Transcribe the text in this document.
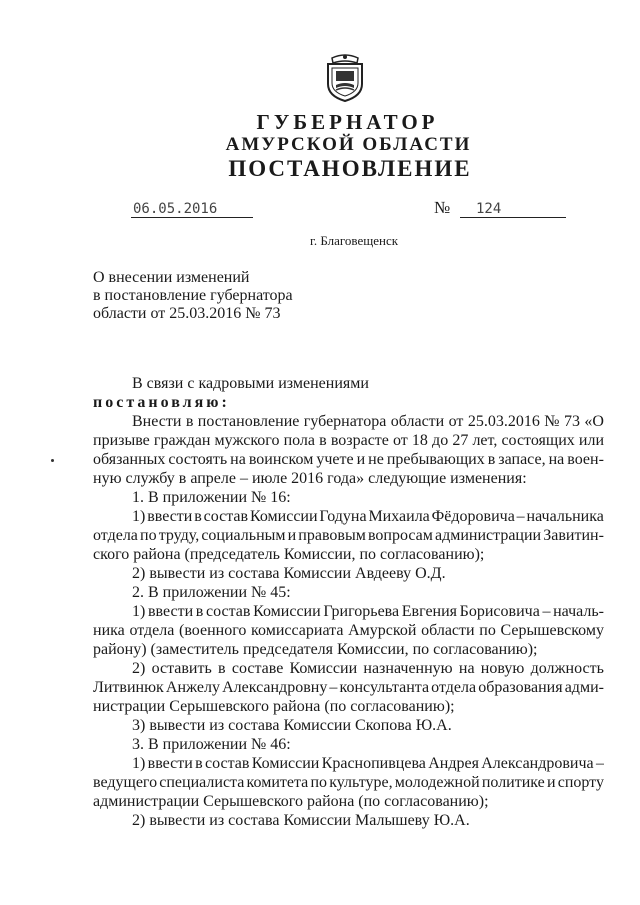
ГУБЕРНАТОР
АМУРСКОЙ ОБЛАСТИ
ПОСТАНОВЛЕНИЕ
06.05.2016	№	124
г. Благовещенск
О внесении изменений
в постановление губернатора
области от 25.03.2016 № 73
В связи с кадровыми изменениями
постановляю:
Внести в постановление губернатора области от 25.03.2016 № 73 «О
призыве граждан мужского пола в возрасте от 18 до 27 лет, состоящих или
обязанных состоять на воинском учете и не пребывающих в запасе, на воен-
ную службу в апреле – июле 2016 года» следующие изменения:
1. В приложении № 16:
1) ввести в состав Комиссии Годуна Михаила Фёдоровича – начальника
отдела по труду, социальным и правовым вопросам администрации Завитин-
ского района (председатель Комиссии, по согласованию);
2) вывести из состава Комиссии Авдееву О.Д.
2. В приложении № 45:
1) ввести в состав Комиссии Григорьева Евгения Борисовича – началь-
ника отдела (военного комиссариата Амурской области по Серышевскому
району) (заместитель председателя Комиссии, по согласованию);
2) оставить в составе Комиссии назначенную на новую должность
Литвинюк Анжелу Александровну – консультанта отдела образования адми-
нистрации Серышевского района (по согласованию);
3) вывести из состава Комиссии Скопова Ю.А.
3. В приложении № 46:
1) ввести в состав Комиссии Краснопивцева Андрея Александровича –
ведущего специалиста комитета по культуре, молодежной политике и спорту
администрации Серышевского района (по согласованию);
2) вывести из состава Комиссии Малышеву Ю.А.
